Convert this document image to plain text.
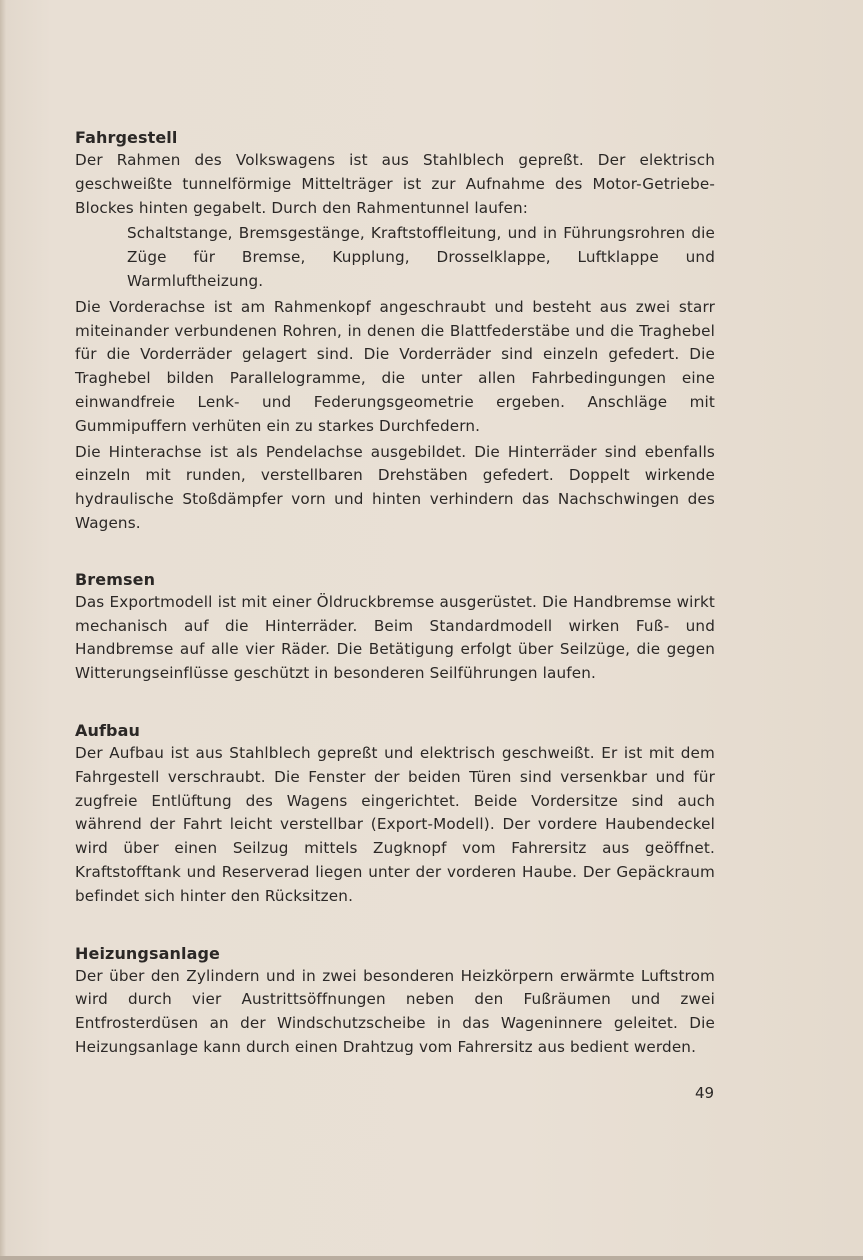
Fahrgestell

Der Rahmen des Volkswagens ist aus Stahlblech gepreßt. Der elektrisch geschweißte tunnelförmige Mittelträger ist zur Aufnahme des Motor-Getriebe-Blockes hinten gegabelt. Durch den Rahmentunnel laufen:

Schaltstange, Bremsgestänge, Kraftstoffleitung, und in Führungsrohren die Züge für Bremse, Kupplung, Drosselklappe, Luftklappe und Warmluftheizung.

Die Vorderachse ist am Rahmenkopf angeschraubt und besteht aus zwei starr miteinander verbundenen Rohren, in denen die Blattfederstäbe und die Traghebel für die Vorderräder gelagert sind. Die Vorderräder sind einzeln gefedert. Die Traghebel bilden Parallelogramme, die unter allen Fahrbedingungen eine einwandfreie Lenk- und Federungsgeometrie ergeben. Anschläge mit Gummipuffern verhüten ein zu starkes Durchfedern.

Die Hinterachse ist als Pendelachse ausgebildet. Die Hinterräder sind ebenfalls einzeln mit runden, verstellbaren Drehstäben gefedert. Doppelt wirkende hydraulische Stoßdämpfer vorn und hinten verhindern das Nachschwingen des Wagens.

Bremsen

Das Exportmodell ist mit einer Öldruckbremse ausgerüstet. Die Handbremse wirkt mechanisch auf die Hinterräder. Beim Standardmodell wirken Fuß- und Handbremse auf alle vier Räder. Die Betätigung erfolgt über Seilzüge, die gegen Witterungseinflüsse geschützt in besonderen Seilführungen laufen.

Aufbau

Der Aufbau ist aus Stahlblech gepreßt und elektrisch geschweißt. Er ist mit dem Fahrgestell verschraubt. Die Fenster der beiden Türen sind versenkbar und für zugfreie Entlüftung des Wagens eingerichtet. Beide Vordersitze sind auch während der Fahrt leicht verstellbar (Export-Modell). Der vordere Haubendeckel wird über einen Seilzug mittels Zugknopf vom Fahrersitz aus geöffnet. Kraftstofftank und Reserverad liegen unter der vorderen Haube. Der Gepäckraum befindet sich hinter den Rücksitzen.

Heizungsanlage

Der über den Zylindern und in zwei besonderen Heizkörpern erwärmte Luftstrom wird durch vier Austrittsöffnungen neben den Fußräumen und zwei Entfrosterdüsen an der Windschutzscheibe in das Wageninnere geleitet. Die Heizungsanlage kann durch einen Drahtzug vom Fahrersitz aus bedient werden.

49
